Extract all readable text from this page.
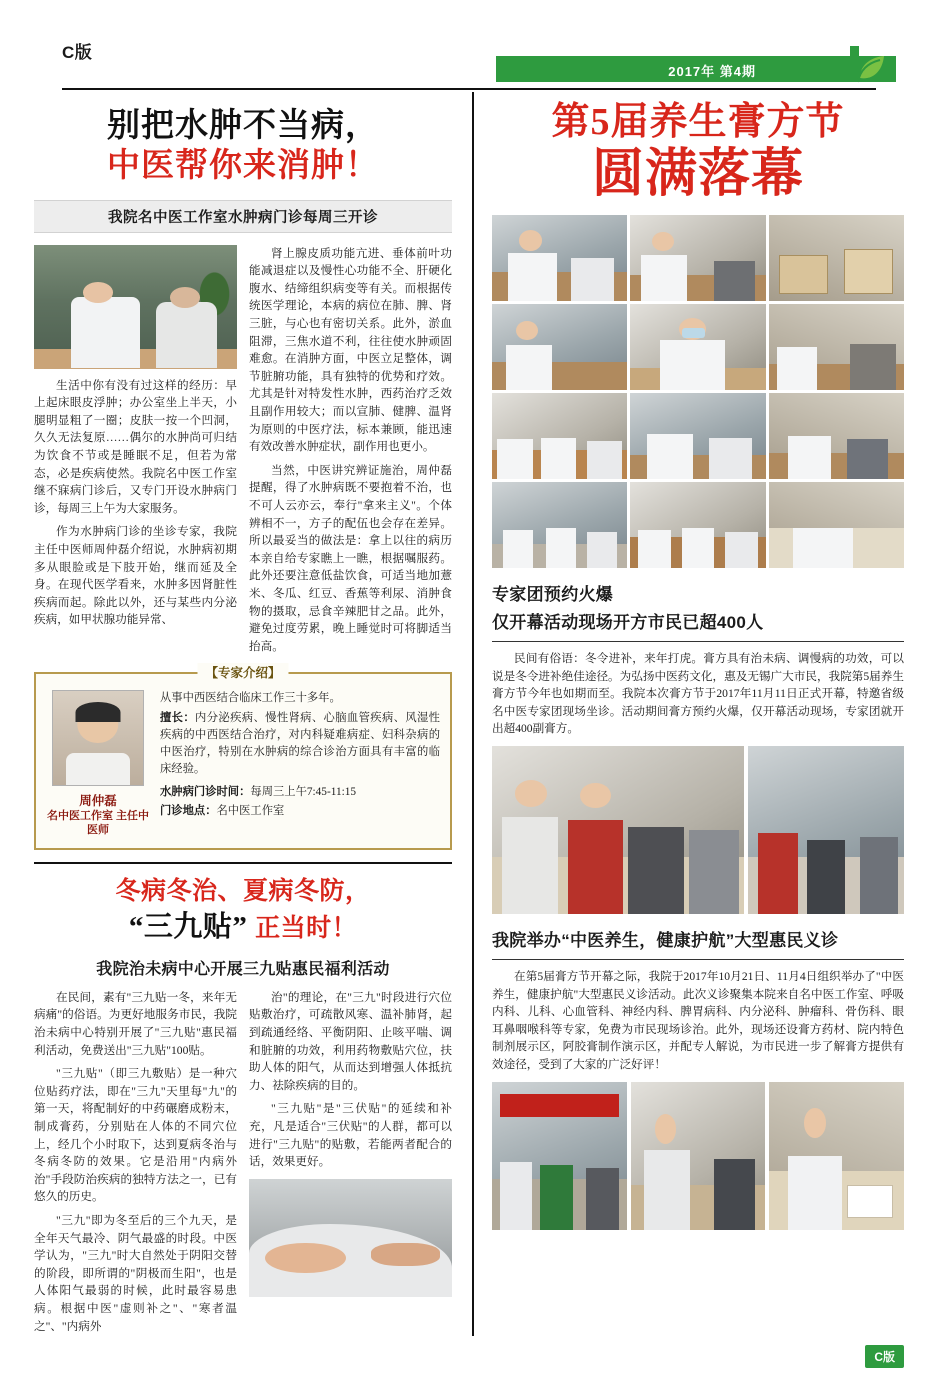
C版
2017年 第4期
别把水肿不当病，
中医帮你来消肿！
我院名中医工作室水肿病门诊每周三开诊

生活中你有没有过这样的经历：早上起床眼皮浮肿；办公室坐上半天，小腿明显粗了一圈；皮肤一按一个凹洞，久久无法复原……偶尔的水肿尚可归结为饮食不节或是睡眠不足，但若为常态，必是疾病使然。我院名中医工作室继不寐病门诊后，又专门开设水肿病门诊，每周三上午为大家服务。

作为水肿病门诊的坐诊专家，我院主任中医师周仲磊介绍说，水肿病初期多从眼脸或是下肢开始，继而延及全身。在现代医学看来，水肿多因肾脏性疾病而起。除此以外，还与某些内分泌疾病，如甲状腺功能异常、

肾上腺皮质功能亢进、垂体前叶功能减退症以及慢性心功能不全、肝硬化腹水、结缔组织病变等有关。而根据传统医学理论，本病的病位在肺、脾、肾三脏，与心也有密切关系。此外，淤血阻滞，三焦水道不利，往往使水肿顽固难愈。在消肿方面，中医立足整体，调节脏腑功能，具有独特的优势和疗效。尤其是针对特发性水肿，西药治疗乏效且副作用较大；而以宣肺、健脾、温肾为原则的中医疗法，标本兼顾，能迅速有效改善水肿症状，副作用也更小。

当然，中医讲究辨证施治，周仲磊提醒，得了水肿病既不要抱着不治，也不可人云亦云，奉行"拿来主义"。个体辨相不一，方子的配伍也会存在差异。所以最妥当的做法是：拿上以往的病历本亲自给专家瞧上一瞧，根据嘱服药。此外还要注意低盐饮食，可适当地加薏米、冬瓜、红豆、香蕉等利尿、消肿食物的摄取，忌食辛辣肥甘之品。此外，避免过度劳累，晚上睡觉时可将脚适当抬高。

【专家介绍】
周仲磊
名中医工作室 主任中医师
从事中西医结合临床工作三十多年。
擅长：内分泌疾病、慢性肾病、心脑血管疾病、风湿性疾病的中西医结合治疗，对内科疑难病症、妇科杂病的中医治疗，特别在水肿病的综合诊治方面具有丰富的临床经验。
水肿病门诊时间：每周三上午7:45-11:15
门诊地点：名中医工作室
冬病冬治、夏病冬防，
“三九贴” 正当时！
我院治未病中心开展三九贴惠民福利活动

在民间，素有"三九贴一冬，来年无病痛"的俗语。为更好地服务市民，我院治未病中心特别开展了"三九贴"惠民福利活动，免费送出"三九贴"100贴。

"三九贴"（即三九敷贴）是一种穴位贴药疗法，即在"三九"天里每"九"的第一天，将配制好的中药碾磨成粉末，制成膏药，分别贴在人体的不同穴位上，经几个小时取下，达到夏病冬治与冬病冬防的效果。它是沿用"内病外治"手段防治疾病的独特方法之一，已有悠久的历史。

"三九"即为冬至后的三个九天，是全年天气最冷、阴气最盛的时段。中医学认为，"三九"时大自然处于阴阳交替的阶段，即所谓的"阴极而生阳"，也是人体阳气最弱的时候，此时最容易患病。根据中医"虚则补之"、"寒者温之"、"内病外

治"的理论，在"三九"时段进行穴位贴敷治疗，可疏散风寒、温补肺肾，起到疏通经络、平衡阴阳、止咳平喘、调和脏腑的功效，利用药物敷贴穴位，扶助人体的阳气，从而达到增强人体抵抗力、祛除疾病的目的。

"三九贴"是"三伏贴"的延续和补充，凡是适合"三伏贴"的人群，都可以进行"三九贴"的贴敷，若能两者配合的话，效果更好。

第5届养生膏方节
圆满落幕
专家团预约火爆
仅开幕活动现场开方市民已超400人

民间有俗语：冬令进补，来年打虎。膏方具有治未病、调慢病的功效，可以说是冬令进补绝佳途径。为弘扬中医药文化，惠及无锡广大市民，我院第5届养生膏方节今年也如期而至。我院本次膏方节于2017年11月11日正式开幕，特邀省级名中医专家团现场坐诊。活动期间膏方预约火爆，仅开幕活动现场，专家团就开出超400副膏方。

我院举办“中医养生，健康护航”大型惠民义诊

在第5届膏方节开幕之际，我院于2017年10月21日、11月4日组织举办了"中医养生，健康护航"大型惠民义诊活动。此次义诊聚集本院来自名中医工作室、呼吸内科、儿科、心血管科、神经内科、脾胃病科、内分泌科、肿瘤科、骨伤科、眼耳鼻咽喉科等专家，免费为市民现场诊治。此外，现场还设膏方药材、院内特色制剂展示区，阿胶膏制作演示区，并配专人解说，为市民进一步了解膏方提供有效途径，受到了大家的广泛好评！

C版
